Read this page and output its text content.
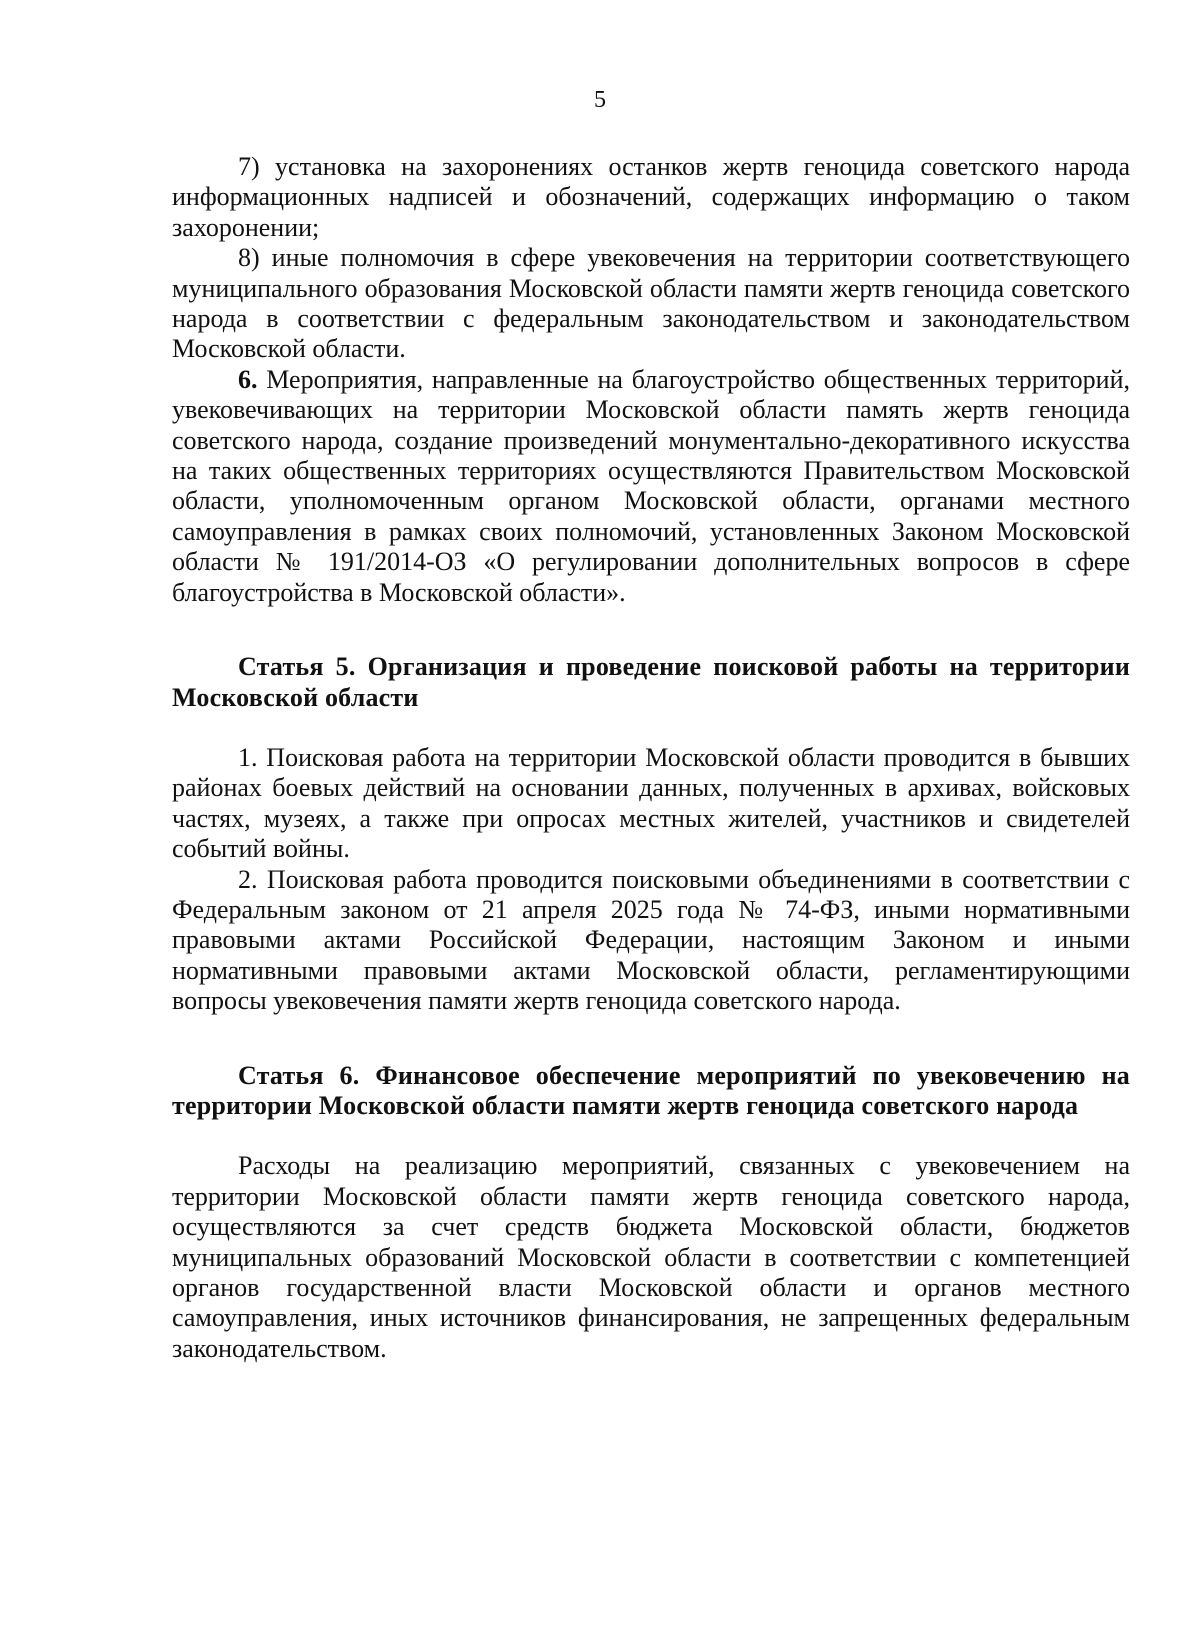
5

7) установка на захоронениях останков жертв геноцида советского народа информационных надписей и обозначений, содержащих информацию о таком захоронении;

8) иные полномочия в сфере увековечения на территории соответствующего муниципального образования Московской области памяти жертв геноцида советского народа в соответствии с федеральным законодательством и законодательством Московской области.

6. Мероприятия, направленные на благоустройство общественных территорий, увековечивающих на территории Московской области память жертв геноцида советского народа, создание произведений монументально-декоративного искусства на таких общественных территориях осуществляются Правительством Московской области, уполномоченным органом Московской области, органами местного самоуправления в рамках своих полномочий, установленных Законом Московской области № 191/2014-ОЗ «О регулировании дополнительных вопросов в сфере благоустройства в Московской области».

Статья 5. Организация и проведение поисковой работы на территории Московской области

1. Поисковая работа на территории Московской области проводится в бывших районах боевых действий на основании данных, полученных в архивах, войсковых частях, музеях, а также при опросах местных жителей, участников и свидетелей событий войны.

2. Поисковая работа проводится поисковыми объединениями в соответствии с Федеральным законом от 21 апреля 2025 года № 74-ФЗ, иными нормативными правовыми актами Российской Федерации, настоящим Законом и иными нормативными правовыми актами Московской области, регламентирующими вопросы увековечения памяти жертв геноцида советского народа.

Статья 6. Финансовое обеспечение мероприятий по увековечению на территории Московской области памяти жертв геноцида советского народа

Расходы на реализацию мероприятий, связанных с увековечением на территории Московской области памяти жертв геноцида советского народа, осуществляются за счет средств бюджета Московской области, бюджетов муниципальных образований Московской области в соответствии с компетенцией органов государственной власти Московской области и органов местного самоуправления, иных источников финансирования, не запрещенных федеральным законодательством.
